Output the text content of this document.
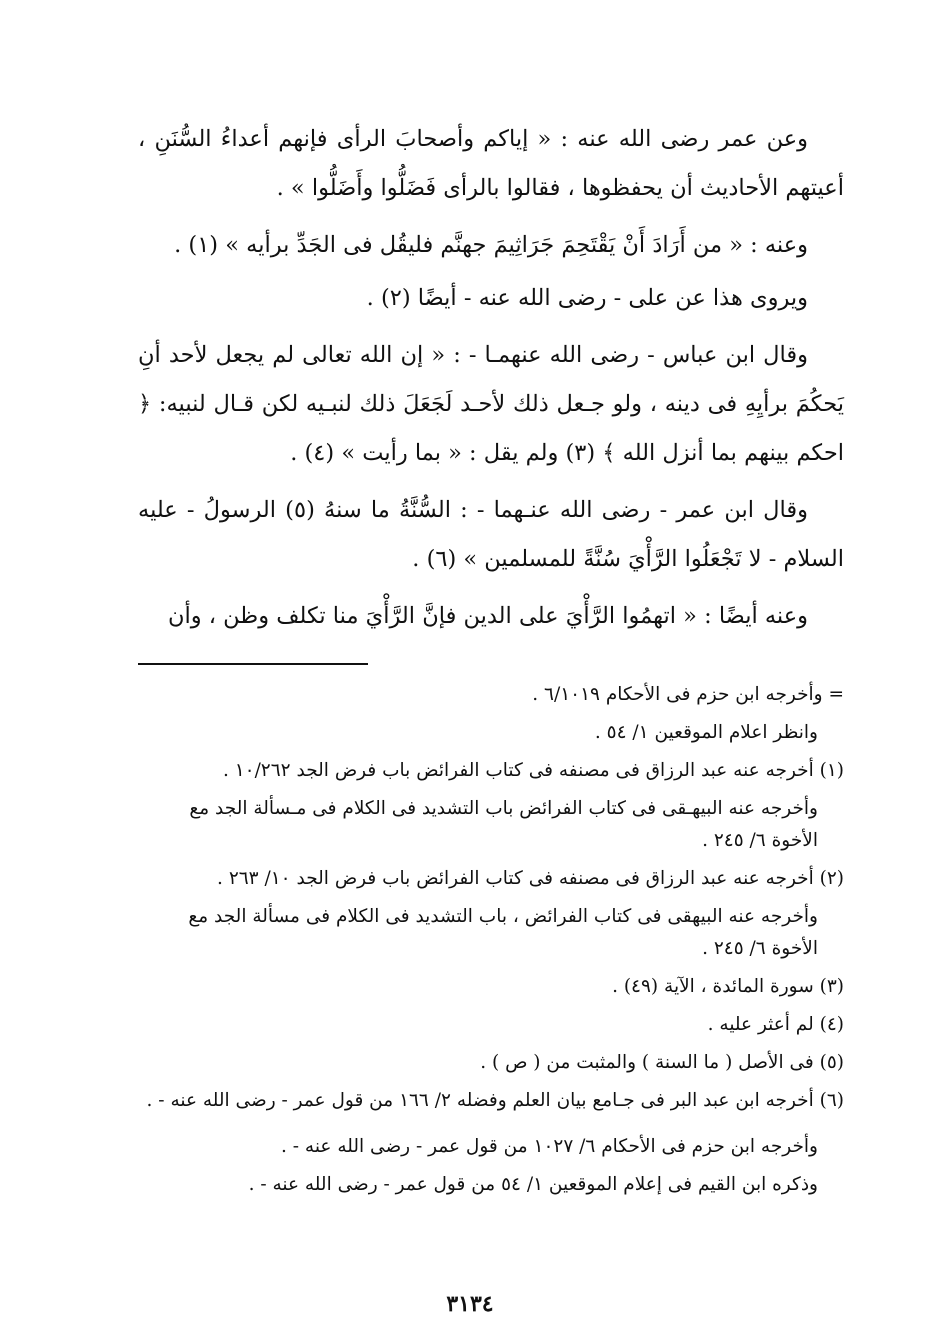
وعن عمر رضى الله عنه : « إياكم وأصحابَ الرأى فإنهم أعداءُ السُّنَنِ ، أعيتهم الأحاديث أن يحفظوها ، فقالوا بالرأى فَضَلُّوا وأَضَلُّوا » .

وعنه : « من أَرَادَ أَنْ يَقْتَحِمَ جَرَاثِيمَ جهنَّم فليقُل فى الجَدِّ برأيه » (١) .

ويروى هذا عن على - رضى الله عنه - أيضًا (٢) .

وقال ابن عباس - رضى الله عنهمـا - : « إن الله تعالى لم يجعل لأحد أنِ يَحكُمَ برأيِهِ فى دينه ، ولو جـعل ذلك لأحـد لَجَعَلَ ذلك لنبـيه لكن قـال لنبيه: ﴿ احكم بينهم بما أنزل الله ﴾ (٣) ولم يقل : « بما رأيت » (٤) .

وقال ابن عمر - رضى الله عنـهما - : السُّنَّةُ ما سنهُ (٥) الرسولُ - عليه السلام - لا تَجْعَلُوا الرَّأْيَ سُنَّةً للمسلمين » (٦) .

وعنه أيضًا : « اتهمُوا الرَّأْيَ على الدين فإنَّ الرَّأْيَ منا تكلف وظن ، وأن

= وأخرجه ابن حزم فى الأحكام ٦/١٠١٩ .

وانظر اعلام الموقعين ١/ ٥٤ .

(١) أخرجه عنه عبد الرزاق فى مصنفه فى كتاب الفرائض باب فرض الجد ١٠/٢٦٢ .

وأخرجه عنه البيهـقى فى كتاب الفرائض باب التشديد فى الكلام فى مـسألة الجد مع الأخوة ٦/ ٢٤٥ .

(٢) أخرجه عنه عبد الرزاق فى مصنفه فى كتاب الفرائض باب فرض الجد ١٠/ ٢٦٣ .

وأخرجه عنه البيهقى فى كتاب الفرائض ، باب التشديد فى الكلام فى مسألة الجد مع الأخوة ٦/ ٢٤٥ .

(٣) سورة المائدة ، الآية (٤٩) .

(٤) لم أعثر عليه .

(٥) فى الأصل ( ما السنة ) والمثبت من ( ص ) .

(٦) أخرجه ابن عبد البر فى جـامع بيان العلم وفضله ٢/ ١٦٦ من قول عمر - رضى الله عنه - .

وأخرجه ابن حزم فى الأحكام ٦/ ١٠٢٧ من قول عمر - رضى الله عنه - .

وذكره ابن القيم فى إعلام الموقعين ١/ ٥٤ من قول عمر - رضى الله عنه - .

٣١٣٤
